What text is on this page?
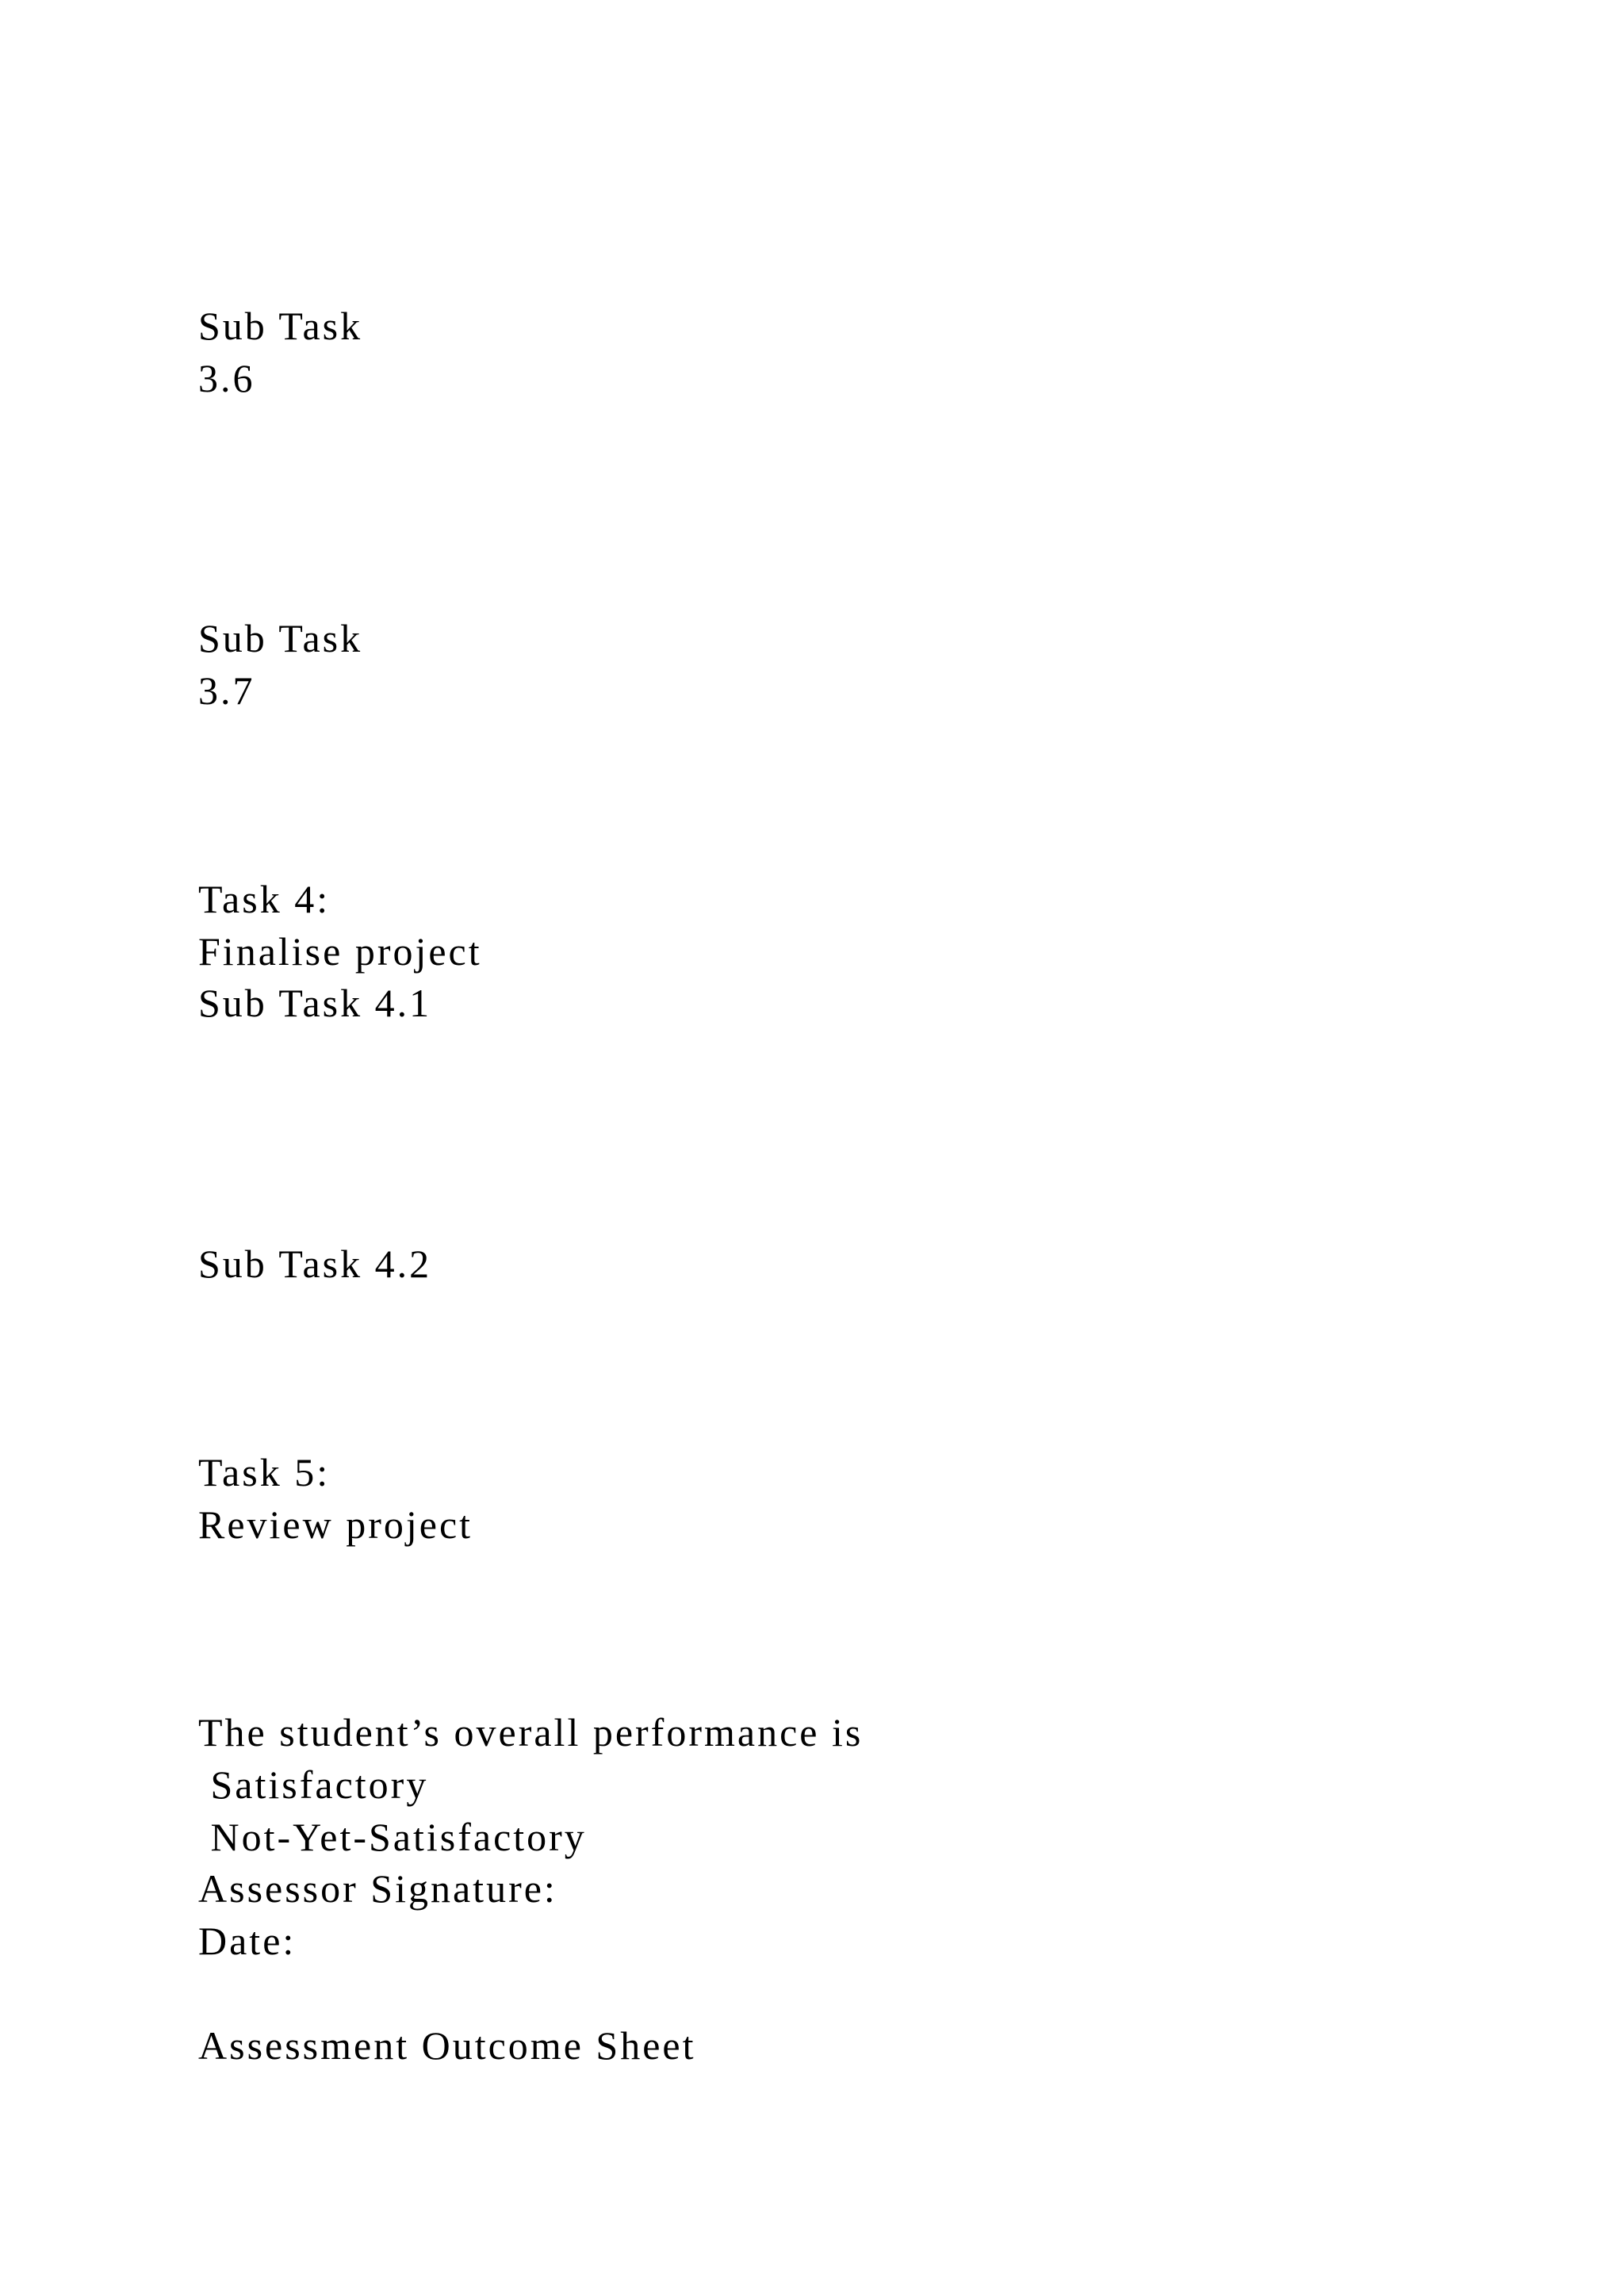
Sub Task

3.6

Sub Task

3.7

Task 4:

Finalise project

Sub Task 4.1

Sub Task 4.2

Task 5:

Review project

The student’s overall performance is

Satisfactory

Not-Yet-Satisfactory

Assessor Signature:

Date:

Assessment Outcome Sheet
